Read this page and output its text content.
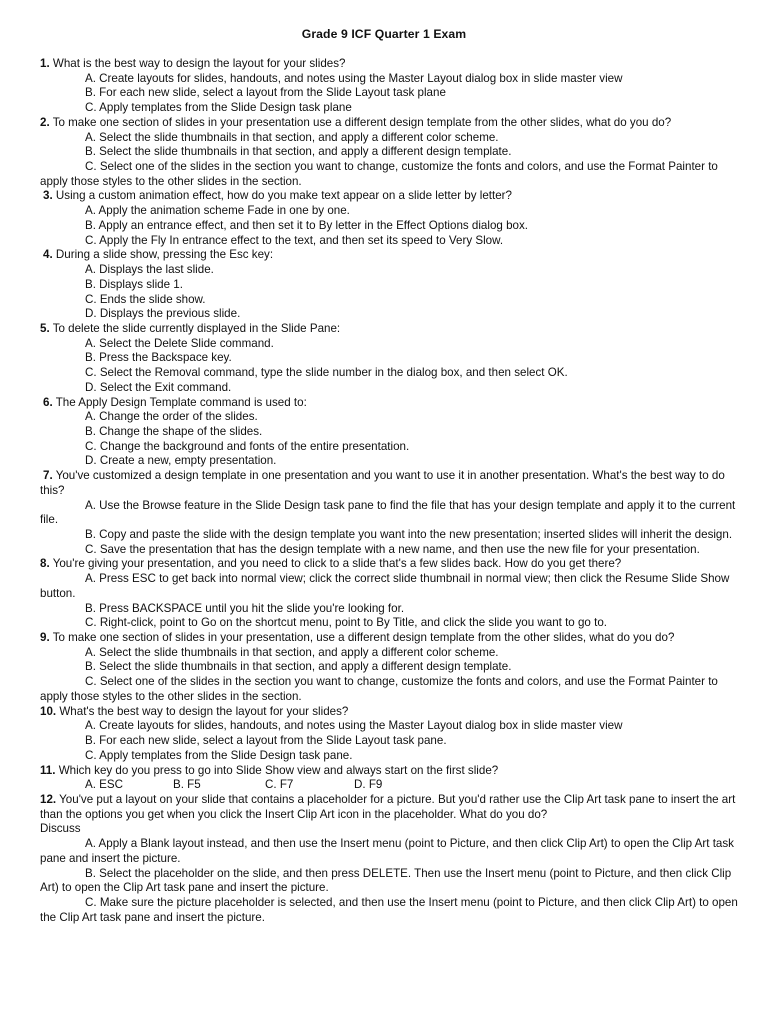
Grade 9 ICF Quarter 1 Exam

1. What is the best way to design the layout for your slides?

A. Create layouts for slides, handouts, and notes using the Master Layout dialog box in slide master view

B. For each new slide, select a layout from the Slide Layout task plane

C. Apply templates from the Slide Design task plane

2. To make one section of slides in your presentation use a different design template from the other slides, what do you do?

A. Select the slide thumbnails in that section, and apply a different color scheme.

B. Select the slide thumbnails in that section, and apply a different design template.

C. Select one of the slides in the section you want to change, customize the fonts and colors, and use the Format Painter to apply those styles to the other slides in the section.

3. Using a custom animation effect, how do you make text appear on a slide letter by letter?

A. Apply the animation scheme Fade in one by one.

B. Apply an entrance effect, and then set it to By letter in the Effect Options dialog box.

C. Apply the Fly In entrance effect to the text, and then set its speed to Very Slow.

4. During a slide show, pressing the Esc key:

A. Displays the last slide.

B. Displays slide 1.

C. Ends the slide show.

D. Displays the previous slide.

5. To delete the slide currently displayed in the Slide Pane:

A. Select the Delete Slide command.

B. Press the Backspace key.

C. Select the Removal command, type the slide number in the dialog box, and then select OK.

D. Select the Exit command.

6. The Apply Design Template command is used to:

A. Change the order of the slides.

B. Change the shape of the slides.

C. Change the background and fonts of the entire presentation.

D. Create a new, empty presentation.

7. You've customized a design template in one presentation and you want to use it in another presentation. What's the best way to do this?

A. Use the Browse feature in the Slide Design task pane to find the file that has your design template and apply it to the current file.

B. Copy and paste the slide with the design template you want into the new presentation; inserted slides will inherit the design.

C. Save the presentation that has the design template with a new name, and then use the new file for your presentation.

8. You're giving your presentation, and you need to click to a slide that's a few slides back. How do you get there?

A. Press ESC to get back into normal view; click the correct slide thumbnail in normal view; then click the Resume Slide Show button.

B. Press BACKSPACE until you hit the slide you're looking for.

C. Right-click, point to Go on the shortcut menu, point to By Title, and click the slide you want to go to.

9. To make one section of slides in your presentation, use a different design template from the other slides, what do you do?

A. Select the slide thumbnails in that section, and apply a different color scheme.

B. Select the slide thumbnails in that section, and apply a different design template.

C. Select one of the slides in the section you want to change, customize the fonts and colors, and use the Format Painter to apply those styles to the other slides in the section.

10. What's the best way to design the layout for your slides?

A. Create layouts for slides, handouts, and notes using the Master Layout dialog box in slide master view

B. For each new slide, select a layout from the Slide Layout task pane.

C. Apply templates from the Slide Design task pane.

11. Which key do you press to go into Slide Show view and always start on the first slide?

A. ESC	B. F5	C. F7	D. F9

12. You've put a layout on your slide that contains a placeholder for a picture. But you'd rather use the Clip Art task pane to insert the art than the options you get when you click the Insert Clip Art icon in the placeholder. What do you do?

Discuss

A. Apply a Blank layout instead, and then use the Insert menu (point to Picture, and then click Clip Art) to open the Clip Art task pane and insert the picture.

B. Select the placeholder on the slide, and then press DELETE. Then use the Insert menu (point to Picture, and then click Clip Art) to open the Clip Art task pane and insert the picture.

C. Make sure the picture placeholder is selected, and then use the Insert menu (point to Picture, and then click Clip Art) to open the Clip Art task pane and insert the picture.
